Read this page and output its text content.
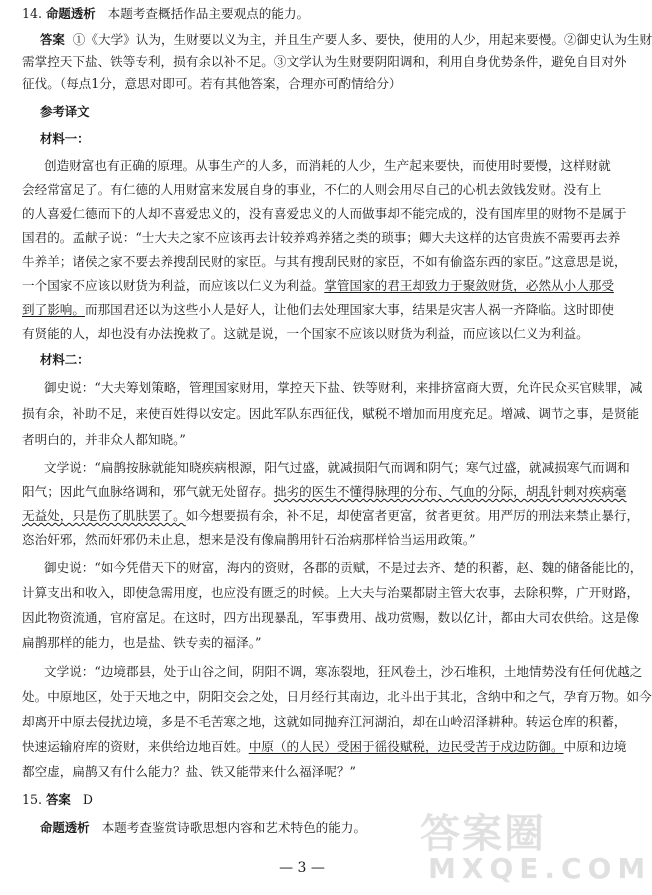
14. 命题透析 本题考查概括作品主要观点的能力。
答案 ①《大学》认为，生财要以义为主，并且生产要人多、要快，使用的人少，用起来要慢。②御史认为生财
需掌控天下盐、铁等专利，损有余以补不足。③文学认为生财要阴阳调和，利用自身优势条件，避免自目对外
征伐。（每点1分，意思对即可。若有其他答案，合理亦可酌情给分）
参考译文
材料一：
创造财富也有正确的原理。从事生产的人多，而消耗的人少，生产起来要快，而使用时要慢，这样财就
会经常富足了。有仁德的人用财富来发展自身的事业，不仁的人则会用尽自己的心机去敛钱发财。没有上
的人喜爱仁德而下的人却不喜爱忠义的，没有喜爱忠义的人而做事却不能完成的，没有国库里的财物不是属于
国君的。孟献子说：“士大夫之家不应该再去计较养鸡养猪之类的琐事；卿大夫这样的达官贵族不需要再去养
牛养羊；诸侯之家不要去养搜刮民财的家臣。与其有搜刮民财的家臣，不如有偷盗东西的家臣。”这意思是说，
一个国家不应该以财货为利益，而应该以仁义为利益。掌管国家的君王却致力于聚敛财货，必然从小人那受
到了影响。而那国君还以为这些小人是好人，让他们去处理国家大事，结果是灾害人祸一齐降临。这时即使
有贤能的人，却也没有办法挽救了。这就是说，一个国家不应该以财货为利益，而应该以仁义为利益。
材料二：
御史说：“大夫筹划策略，管理国家财用，掌控天下盐、铁等财利，来排挤富商大贾，允许民众买官赎罪，减
损有余，补助不足，来使百姓得以安定。因此军队东西征伐，赋税不增加而用度充足。增减、调节之事，是贤能
者明白的，并非众人都知晓。”
文学说：“扁鹊按脉就能知晓疾病根源，阳气过盛，就减损阳气而调和阴气；寒气过盛，就减损寒气而调和
阳气；因此气血脉络调和，邪气就无处留存。拙劣的医生不懂得脉理的分布、气血的分际，胡乱针刺对疾病毫
无益处，只是伤了肌肤罢了。如今想要损有余，补不足，却使富者更富，贫者更贫。用严厉的刑法来禁止暴行，
恣治奸邪，然而奸邪仍未止息，想来是没有像扁鹊用针石治病那样恰当运用政策。”
御史说：“如今凭借天下的财富，海内的资财，各郡的贡赋，不是过去齐、楚的积蓄，赵、魏的储备能比的，
计算支出和收入，即使急需用度，也应没有匮乏的时候。上大夫与治粟都尉主管大农事，去除积弊，广开财路，
因此物资流通，官府富足。在这时，四方出现暴乱，军事费用、战功赏赐，数以亿计，都由大司农供给。这是像
扁鹊那样的能力，也是盐、铁专卖的福泽。”
文学说：“边境郡县，处于山谷之间，阴阳不调，寒冻裂地，狂风卷土，沙石堆积，土地情势没有任何优越之
处。中原地区，处于天地之中，阴阳交会之处，日月经行其南边，北斗出于其北，含纳中和之气，孕育万物。如今
却离开中原去侵扰边境，多是不毛苦寒之地，这就如同抛弃江河湖泊，却在山岭沼泽耕种。转运仓库的积蓄，
快速运输府库的资财，来供给边地百姓。中原（的人民）受困于徭役赋税，边民受苦于戍边防御。中原和边境
都空虚，扁鹊又有什么能力？盐、铁又能带来什么福泽呢？”
15. 答案 D
命题透析 本题考查鉴赏诗歌思想内容和艺术特色的能力。	答案圈
MXQE.COM
— 3 —
